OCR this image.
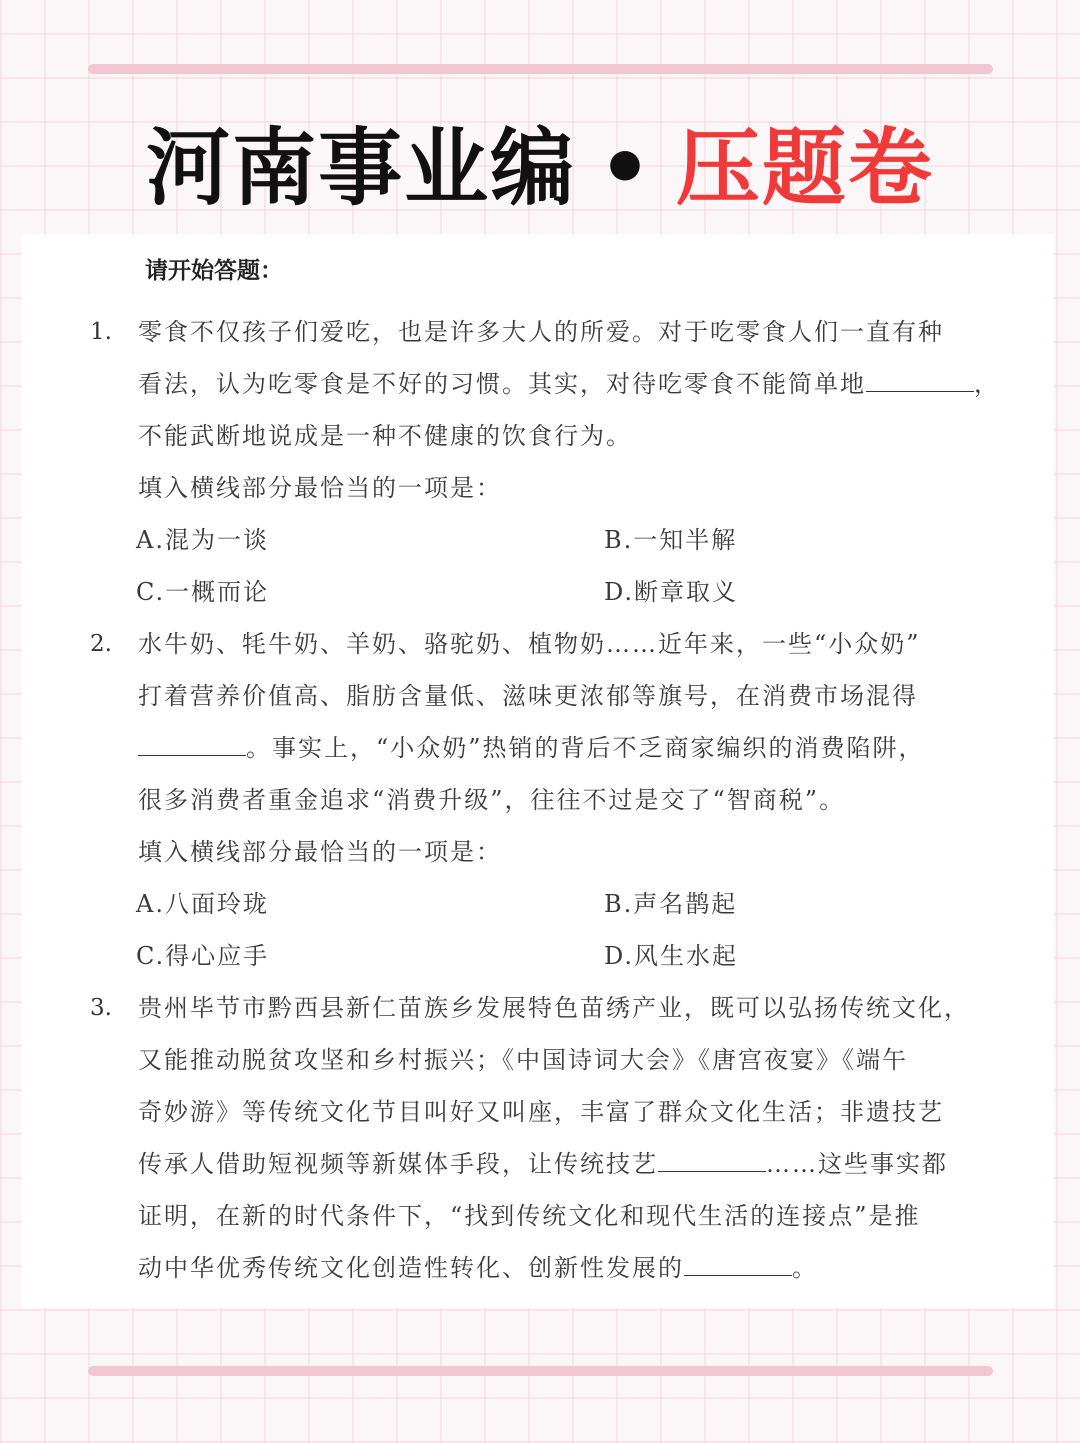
河南事业编 • 压题卷
请开始答题：
1. 零食不仅孩子们爱吃，也是许多大人的所爱。对于吃零食人们一直有种
看法，认为吃零食是不好的习惯。其实，对待吃零食不能简单地	，
不能武断地说成是一种不健康的饮食行为。
填入横线部分最恰当的一项是：
A.混为一谈	B.一知半解
C.一概而论	D.断章取义
2. 水牛奶、牦牛奶、羊奶、骆驼奶、植物奶……近年来，一些“小众奶”
打着营养价值高、脂肪含量低、滋味更浓郁等旗号，在消费市场混得
。事实上，“小众奶”热销的背后不乏商家编织的消费陷阱，
很多消费者重金追求“消费升级”，往往不过是交了“智商税”。
填入横线部分最恰当的一项是：
A.八面玲珑	B.声名鹊起
C.得心应手	D.风生水起
3. 贵州毕节市黔西县新仁苗族乡发展特色苗绣产业，既可以弘扬传统文化，
又能推动脱贫攻坚和乡村振兴；《中国诗词大会》《唐宫夜宴》《端午
奇妙游》等传统文化节目叫好又叫座，丰富了群众文化生活；非遗技艺
传承人借助短视频等新媒体手段，让传统技艺	……这些事实都
证明，在新的时代条件下，“找到传统文化和现代生活的连接点”是推
动中华优秀传统文化创造性转化、创新性发展的	。
